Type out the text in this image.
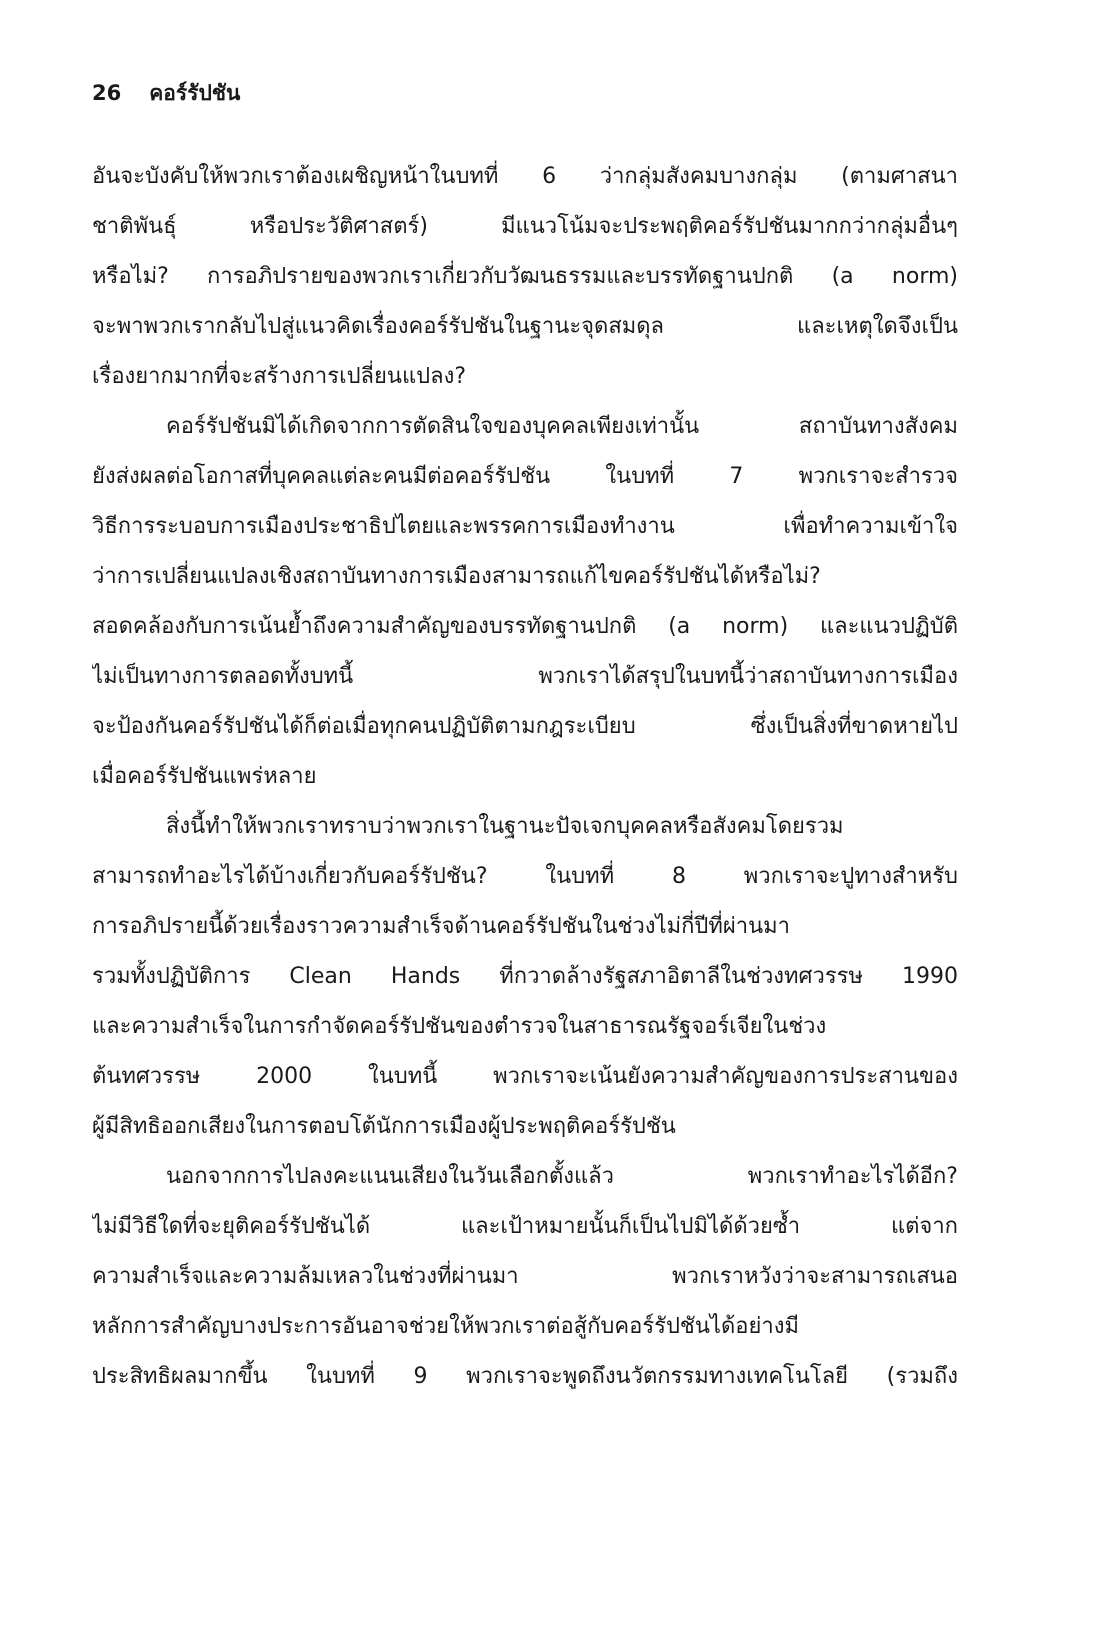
26 คอร์รัปชัน
อันจะบังคับให้พวกเราต้องเผชิญหน้าในบทที่ 6 ว่ากลุ่มสังคมบางกลุ่ม (ตามศาสนา
ชาติพันธุ์ หรือประวัติศาสตร์) มีแนวโน้มจะประพฤติคอร์รัปชันมากกว่ากลุ่มอื่นๆ
หรือไม่? การอภิปรายของพวกเราเกี่ยวกับวัฒนธรรมและบรรทัดฐานปกติ (a norm)
จะพาพวกเรากลับไปสู่แนวคิดเรื่องคอร์รัปชันในฐานะจุดสมดุล และเหตุใดจึงเป็น
เรื่องยากมากที่จะสร้างการเปลี่ยนแปลง?
คอร์รัปชันมิได้เกิดจากการตัดสินใจของบุคคลเพียงเท่านั้น สถาบันทางสังคม
ยังส่งผลต่อโอกาสที่บุคคลแต่ละคนมีต่อคอร์รัปชัน ในบทที่ 7 พวกเราจะสำรวจ
วิธีการระบอบการเมืองประชาธิปไตยและพรรคการเมืองทำงาน เพื่อทำความเข้าใจ
ว่าการเปลี่ยนแปลงเชิงสถาบันทางการเมืองสามารถแก้ไขคอร์รัปชันได้หรือไม่?
สอดคล้องกับการเน้นย้ำถึงความสำคัญของบรรทัดฐานปกติ (a norm) และแนวปฏิบัติ
ไม่เป็นทางการตลอดทั้งบทนี้ พวกเราได้สรุปในบทนี้ว่าสถาบันทางการเมือง
จะป้องกันคอร์รัปชันได้ก็ต่อเมื่อทุกคนปฏิบัติตามกฎระเบียบ ซึ่งเป็นสิ่งที่ขาดหายไป
เมื่อคอร์รัปชันแพร่หลาย
สิ่งนี้ทำให้พวกเราทราบว่าพวกเราในฐานะปัจเจกบุคคลหรือสังคมโดยรวม
สามารถทำอะไรได้บ้างเกี่ยวกับคอร์รัปชัน? ในบทที่ 8 พวกเราจะปูทางสำหรับ
การอภิปรายนี้ด้วยเรื่องราวความสำเร็จด้านคอร์รัปชันในช่วงไม่กี่ปีที่ผ่านมา
รวมทั้งปฏิบัติการ Clean Hands ที่กวาดล้างรัฐสภาอิตาลีในช่วงทศวรรษ 1990
และความสำเร็จในการกำจัดคอร์รัปชันของตำรวจในสาธารณรัฐจอร์เจียในช่วง
ต้นทศวรรษ 2000 ในบทนี้ พวกเราจะเน้นยังความสำคัญของการประสานของ
ผู้มีสิทธิออกเสียงในการตอบโต้นักการเมืองผู้ประพฤติคอร์รัปชัน
นอกจากการไปลงคะแนนเสียงในวันเลือกตั้งแล้ว พวกเราทำอะไรได้อีก?
ไม่มีวิธีใดที่จะยุติคอร์รัปชันได้ และเป้าหมายนั้นก็เป็นไปมิได้ด้วยซ้ำ แต่จาก
ความสำเร็จและความล้มเหลวในช่วงที่ผ่านมา พวกเราหวังว่าจะสามารถเสนอ
หลักการสำคัญบางประการอันอาจช่วยให้พวกเราต่อสู้กับคอร์รัปชันได้อย่างมี
ประสิทธิผลมากขึ้น ในบทที่ 9 พวกเราจะพูดถึงนวัตกรรมทางเทคโนโลยี (รวมถึง
